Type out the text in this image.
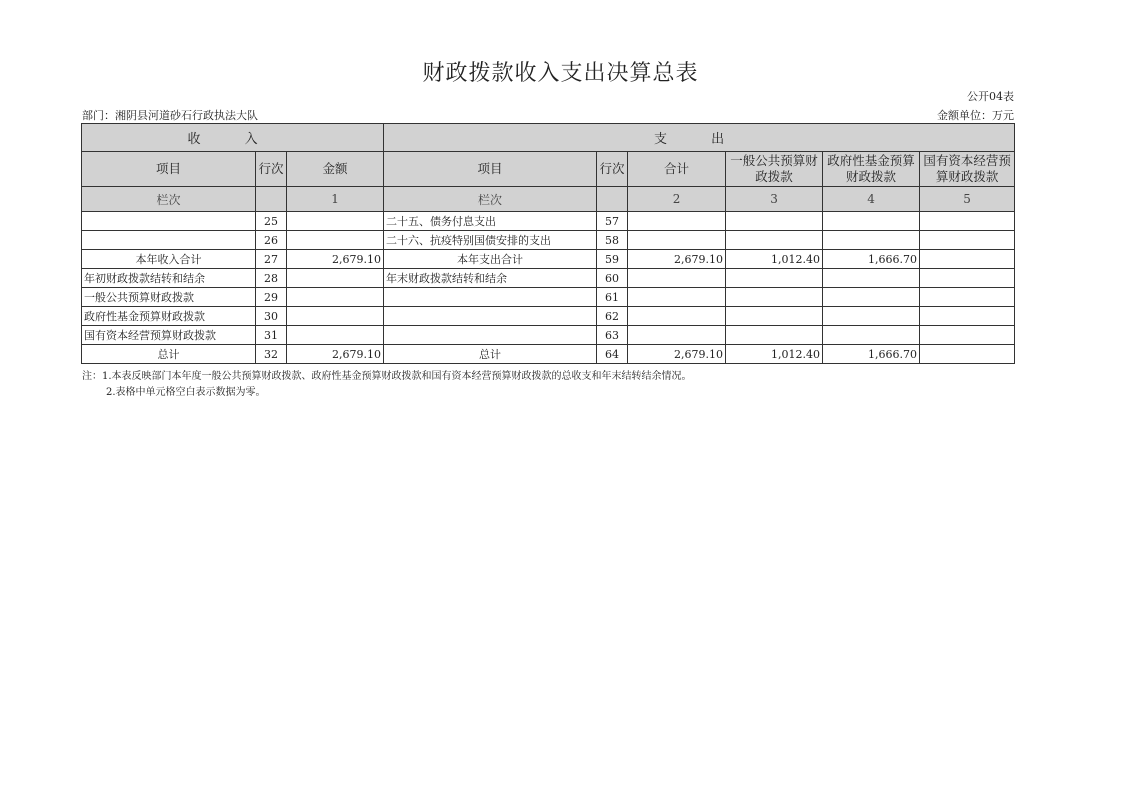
财政拨款收入支出决算总表
公开04表
部门：湘阴县河道砂石行政执法大队	金额单位：万元
收 入			支 出					
项目	行次	金额	项目	行次	合计	一般公共预算财政拨款	政府性基金预算财政拨款	国有资本经营预算财政拨款
栏次		1	栏次		2	3	4	5
	25		二十五、债务付息支出	57				
	26		二十六、抗疫特别国债安排的支出	58				
本年收入合计	27	2,679.10	本年支出合计	59	2,679.10	1,012.40	1,666.70	
年初财政拨款结转和结余	28		年末财政拨款结转和结余	60				
一般公共预算财政拨款	29			61				
政府性基金预算财政拨款	30			62				
国有资本经营预算财政拨款	31			63				
总计	32	2,679.10	总计	64	2,679.10	1,012.40	1,666.70	
注：1.本表反映部门本年度一般公共预算财政拨款、政府性基金预算财政拨款和国有资本经营预算财政拨款的总收支和年末结转结余情况。
2.表格中单元格空白表示数据为零。
